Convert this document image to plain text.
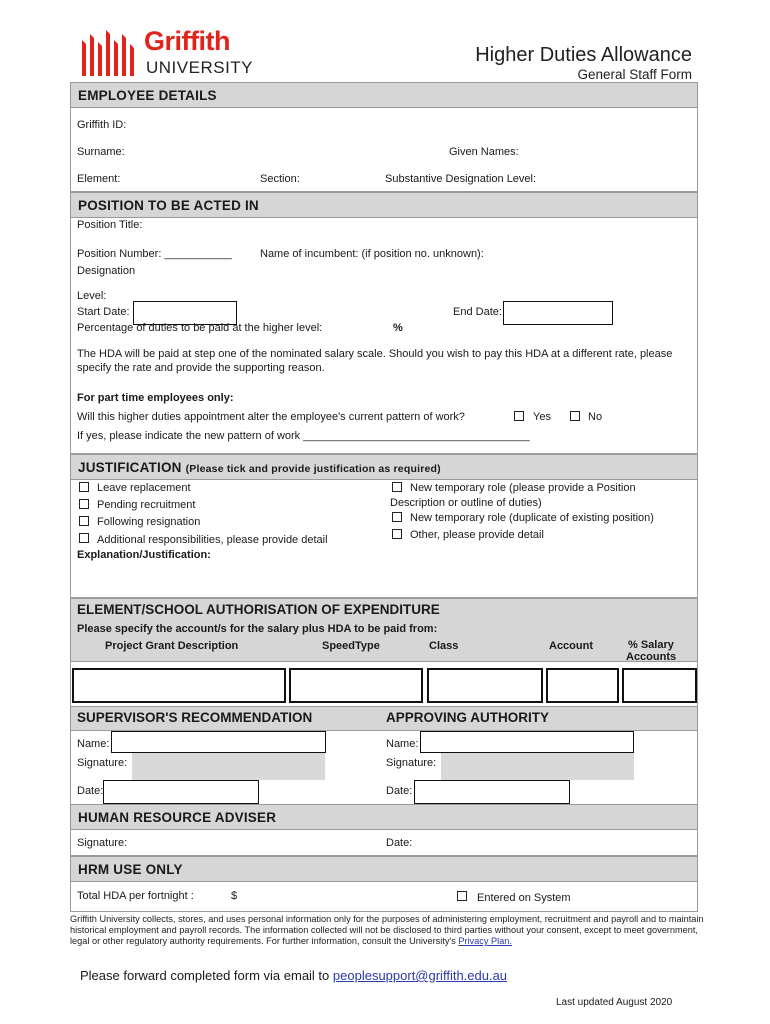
Griffith
UNIVERSITY
Higher Duties Allowance
General Staff Form
EMPLOYEE DETAILS
Griffith ID:
Surname:	Given Names:
Element:	Section:	Substantive Designation Level:
POSITION TO BE ACTED IN
Position Title:
Position Number: ___________	Name of incumbent: (if position no. unknown):
Designation
Level:
Start Date:	End Date:
Percentage of duties to be paid at the higher level:	%
The HDA will be paid at step one of the nominated salary scale. Should you wish to pay this HDA at a different rate, please specify the rate and provide the supporting reason.
For part time employees only:
Will this higher duties appointment alter the employee's current pattern of work?	Yes	No
If yes, please indicate the new pattern of work _____________________________________
JUSTIFICATION (Please tick and provide justification as required)
Leave replacement
Pending recruitment
Following resignation
Additional responsibilities, please provide detail
New temporary role (please provide a Position
Description or outline of duties)
New temporary role (duplicate of existing position)
Other, please provide detail
Explanation/Justification:
ELEMENT/SCHOOL AUTHORISATION OF EXPENDITURE
Please specify the account/s for the salary plus HDA to be paid from:
Project Grant Description	SpeedType	Class	Account	% Salary
Accounts
SUPERVISOR'S RECOMMENDATION	APPROVING AUTHORITY
Name:
Signature:
Date:
Name:
Signature:
Date:
HUMAN RESOURCE ADVISER
Signature:	Date:
HRM USE ONLY
Total HDA per fortnight :	$	Entered on System
Griffith University collects, stores, and uses personal information only for the purposes of administering employment, recruitment and payroll and to maintain historical employment and payroll records. The information collected will not be disclosed to third parties without your consent, except to meet government, legal or other regulatory authority requirements. For further information, consult the University's Privacy Plan.
Please forward completed form via email to peoplesupport@griffith.edu.au
Last updated August 2020
